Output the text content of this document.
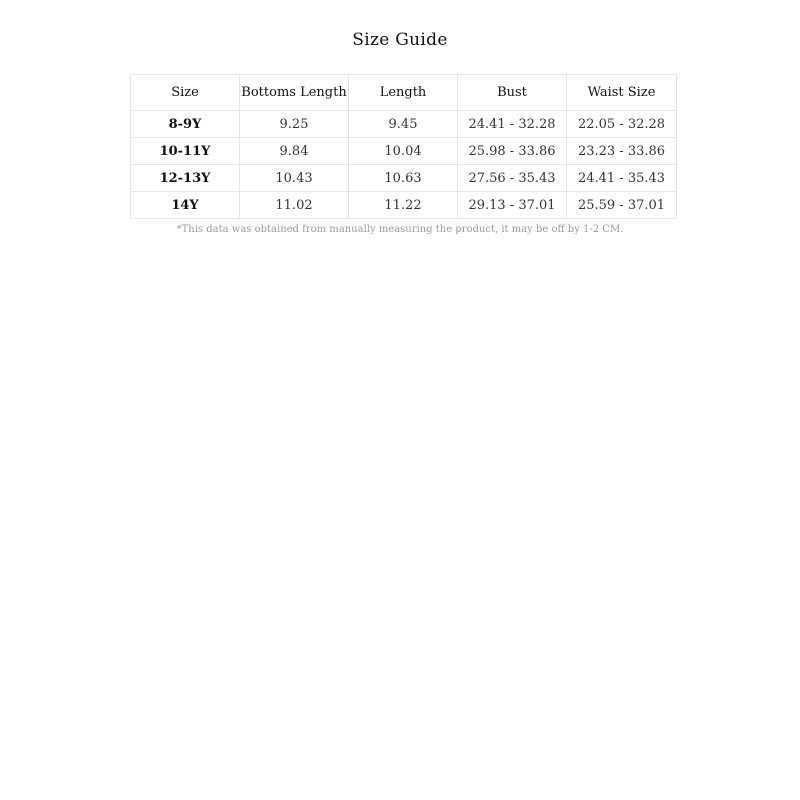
Size Guide
Size	Bottoms Length	Length	Bust	Waist Size
8-9Y	9.25	9.45	24.41 - 32.28	22.05 - 32.28
10-11Y	9.84	10.04	25.98 - 33.86	23.23 - 33.86
12-13Y	10.43	10.63	27.56 - 35.43	24.41 - 35.43
14Y	11.02	11.22	29.13 - 37.01	25.59 - 37.01
*This data was obtained from manually measuring the product, it may be off by 1-2 CM.
